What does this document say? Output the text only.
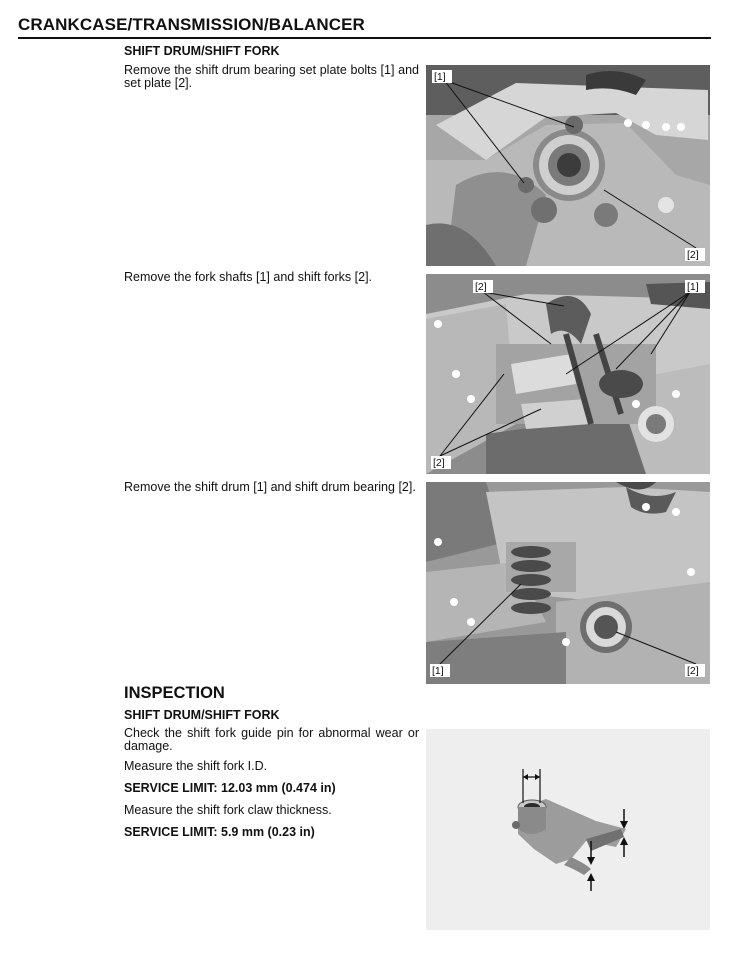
CRANKCASE/TRANSMISSION/BALANCER
SHIFT DRUM/SHIFT FORK
Remove the shift drum bearing set plate bolts [1] and set plate [2].
Remove the fork shafts [1] and shift forks [2].
Remove the shift drum [1] and shift drum bearing [2].
[1]
[2]
[2]	[1]
[2]
[1]	[2]
INSPECTION
SHIFT DRUM/SHIFT FORK
Check the shift fork guide pin for abnormal wear or damage.
Measure the shift fork I.D.
SERVICE LIMIT: 12.03 mm (0.474 in)
Measure the shift fork claw thickness.
SERVICE LIMIT: 5.9 mm (0.23 in)
